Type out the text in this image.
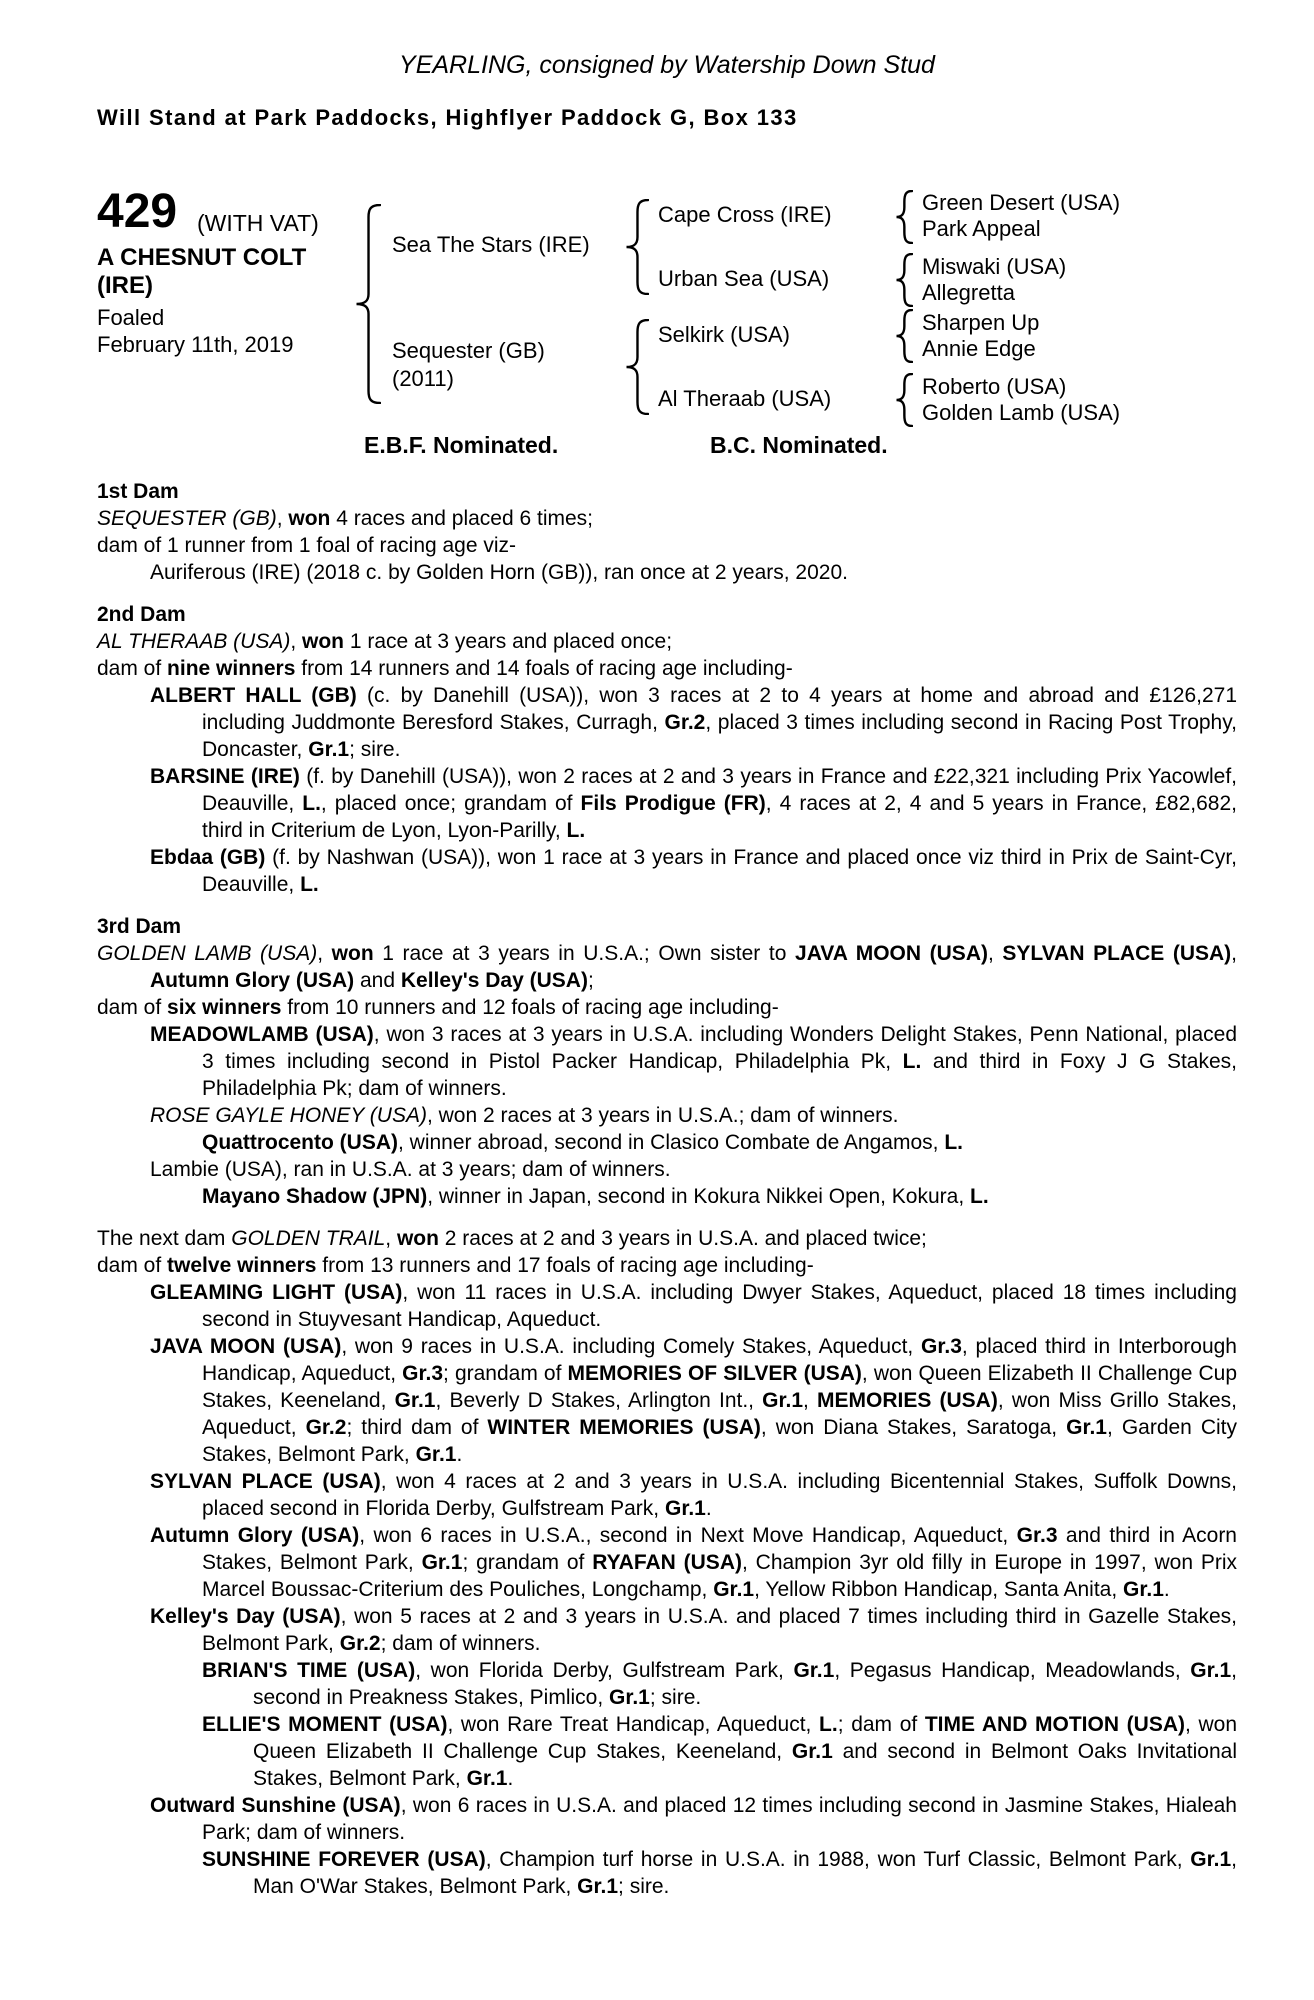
YEARLING, consigned by Watership Down Stud
Will Stand at Park Paddocks, Highflyer Paddock G, Box 133
429 (WITH VAT)
A CHESNUT COLT
(IRE)
Foaled
February 11th, 2019
Sea The Stars (IRE)
Sequester (GB)
(2011)
Cape Cross (IRE)
Urban Sea (USA)
Selkirk (USA)
Al Theraab (USA)
Green Desert (USA)
Park Appeal
Miswaki (USA)
Allegretta
Sharpen Up
Annie Edge
Roberto (USA)
Golden Lamb (USA)
E.B.F. Nominated.	B.C. Nominated.
1st Dam
SEQUESTER (GB), won 4 races and placed 6 times;
dam of 1 runner from 1 foal of racing age viz-
Auriferous (IRE) (2018 c. by Golden Horn (GB)), ran once at 2 years, 2020.
2nd Dam
AL THERAAB (USA), won 1 race at 3 years and placed once;
dam of nine winners from 14 runners and 14 foals of racing age including-
ALBERT HALL (GB) (c. by Danehill (USA)), won 3 races at 2 to 4 years at home and abroad and £126,271 including Juddmonte Beresford Stakes, Curragh, Gr.2, placed 3 times including second in Racing Post Trophy, Doncaster, Gr.1; sire.
BARSINE (IRE) (f. by Danehill (USA)), won 2 races at 2 and 3 years in France and £22,321 including Prix Yacowlef, Deauville, L., placed once; grandam of Fils Prodigue (FR), 4 races at 2, 4 and 5 years in France, £82,682, third in Criterium de Lyon, Lyon-Parilly, L.
Ebdaa (GB) (f. by Nashwan (USA)), won 1 race at 3 years in France and placed once viz third in Prix de Saint-Cyr, Deauville, L.
3rd Dam
GOLDEN LAMB (USA), won 1 race at 3 years in U.S.A.; Own sister to JAVA MOON (USA), SYLVAN PLACE (USA), Autumn Glory (USA) and Kelley's Day (USA);
dam of six winners from 10 runners and 12 foals of racing age including-
MEADOWLAMB (USA), won 3 races at 3 years in U.S.A. including Wonders Delight Stakes, Penn National, placed 3 times including second in Pistol Packer Handicap, Philadelphia Pk, L. and third in Foxy J G Stakes, Philadelphia Pk; dam of winners.
ROSE GAYLE HONEY (USA), won 2 races at 3 years in U.S.A.; dam of winners.
Quattrocento (USA), winner abroad, second in Clasico Combate de Angamos, L.
Lambie (USA), ran in U.S.A. at 3 years; dam of winners.
Mayano Shadow (JPN), winner in Japan, second in Kokura Nikkei Open, Kokura, L.
The next dam GOLDEN TRAIL, won 2 races at 2 and 3 years in U.S.A. and placed twice;
dam of twelve winners from 13 runners and 17 foals of racing age including-
GLEAMING LIGHT (USA), won 11 races in U.S.A. including Dwyer Stakes, Aqueduct, placed 18 times including second in Stuyvesant Handicap, Aqueduct.
JAVA MOON (USA), won 9 races in U.S.A. including Comely Stakes, Aqueduct, Gr.3, placed third in Interborough Handicap, Aqueduct, Gr.3; grandam of MEMORIES OF SILVER (USA), won Queen Elizabeth II Challenge Cup Stakes, Keeneland, Gr.1, Beverly D Stakes, Arlington Int., Gr.1, MEMORIES (USA), won Miss Grillo Stakes, Aqueduct, Gr.2; third dam of WINTER MEMORIES (USA), won Diana Stakes, Saratoga, Gr.1, Garden City Stakes, Belmont Park, Gr.1.
SYLVAN PLACE (USA), won 4 races at 2 and 3 years in U.S.A. including Bicentennial Stakes, Suffolk Downs, placed second in Florida Derby, Gulfstream Park, Gr.1.
Autumn Glory (USA), won 6 races in U.S.A., second in Next Move Handicap, Aqueduct, Gr.3 and third in Acorn Stakes, Belmont Park, Gr.1; grandam of RYAFAN (USA), Champion 3yr old filly in Europe in 1997, won Prix Marcel Boussac-Criterium des Pouliches, Longchamp, Gr.1, Yellow Ribbon Handicap, Santa Anita, Gr.1.
Kelley's Day (USA), won 5 races at 2 and 3 years in U.S.A. and placed 7 times including third in Gazelle Stakes, Belmont Park, Gr.2; dam of winners.
BRIAN'S TIME (USA), won Florida Derby, Gulfstream Park, Gr.1, Pegasus Handicap, Meadowlands, Gr.1, second in Preakness Stakes, Pimlico, Gr.1; sire.
ELLIE'S MOMENT (USA), won Rare Treat Handicap, Aqueduct, L.; dam of TIME AND MOTION (USA), won Queen Elizabeth II Challenge Cup Stakes, Keeneland, Gr.1 and second in Belmont Oaks Invitational Stakes, Belmont Park, Gr.1.
Outward Sunshine (USA), won 6 races in U.S.A. and placed 12 times including second in Jasmine Stakes, Hialeah Park; dam of winners.
SUNSHINE FOREVER (USA), Champion turf horse in U.S.A. in 1988, won Turf Classic, Belmont Park, Gr.1, Man O'War Stakes, Belmont Park, Gr.1; sire.
